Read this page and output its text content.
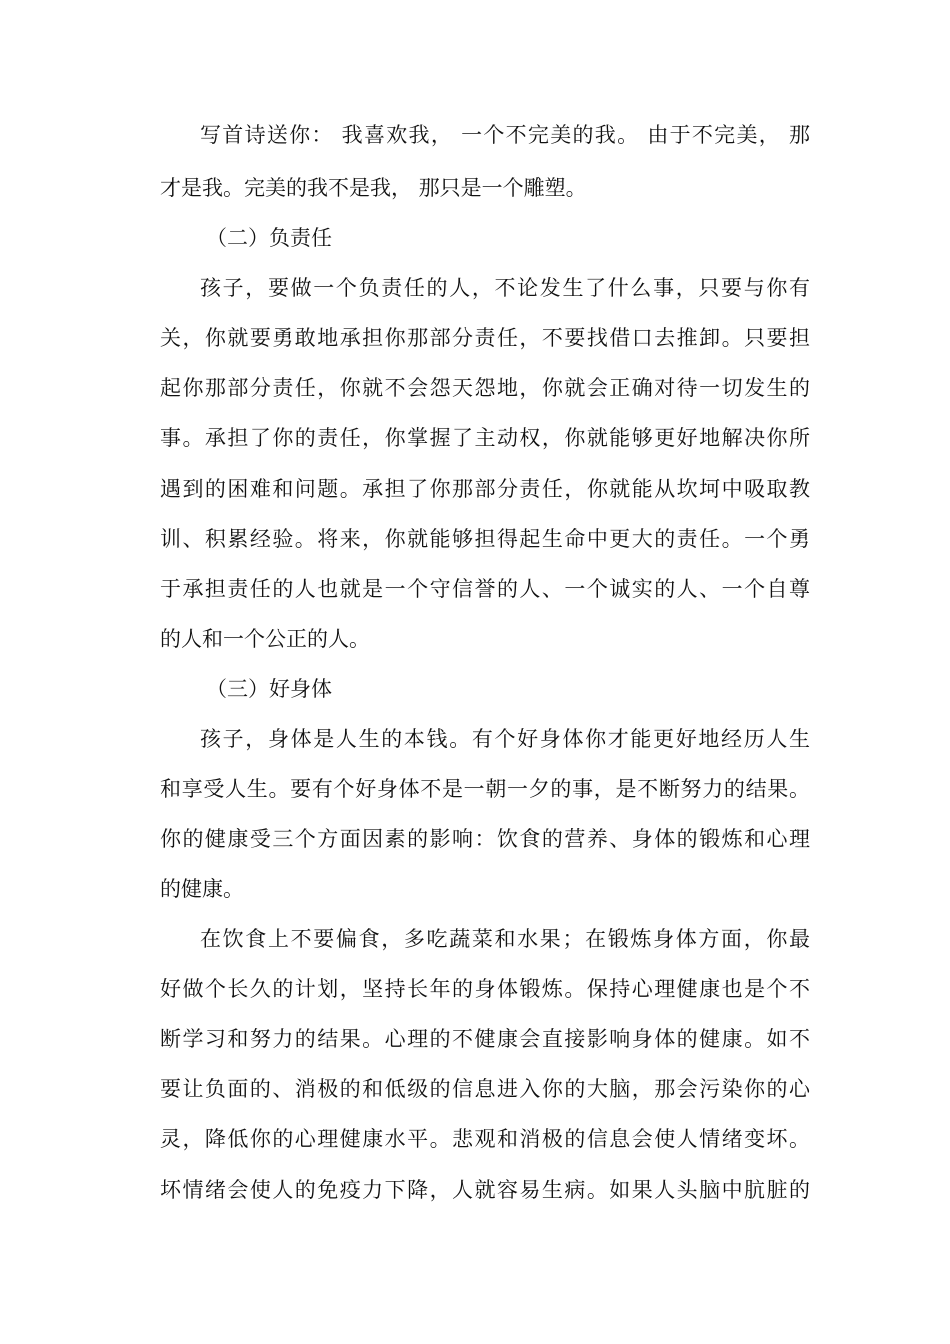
写首诗送你： 我喜欢我， 一个不完美的我。 由于不完美， 那
才是我。完美的我不是我， 那只是一个雕塑。
（二）负责任
孩子，要做一个负责任的人，不论发生了什么事，只要与你有
关，你就要勇敢地承担你那部分责任，不要找借口去推卸。只要担
起你那部分责任，你就不会怨天怨地，你就会正确对待一切发生的
事。承担了你的责任，你掌握了主动权，你就能够更好地解决你所
遇到的困难和问题。承担了你那部分责任，你就能从坎坷中吸取教
训、积累经验。将来，你就能够担得起生命中更大的责任。一个勇
于承担责任的人也就是一个守信誉的人、一个诚实的人、一个自尊
的人和一个公正的人。
（三）好身体
孩子，身体是人生的本钱。有个好身体你才能更好地经历人生
和享受人生。要有个好身体不是一朝一夕的事，是不断努力的结果。
你的健康受三个方面因素的影响：饮食的营养、身体的锻炼和心理
的健康。
在饮食上不要偏食，多吃蔬菜和水果；在锻炼身体方面，你最
好做个长久的计划，坚持长年的身体锻炼。保持心理健康也是个不
断学习和努力的结果。心理的不健康会直接影响身体的健康。如不
要让负面的、消极的和低级的信息进入你的大脑，那会污染你的心
灵，降低你的心理健康水平。悲观和消极的信息会使人情绪变坏。
坏情绪会使人的免疫力下降，人就容易生病。如果人头脑中肮脏的
